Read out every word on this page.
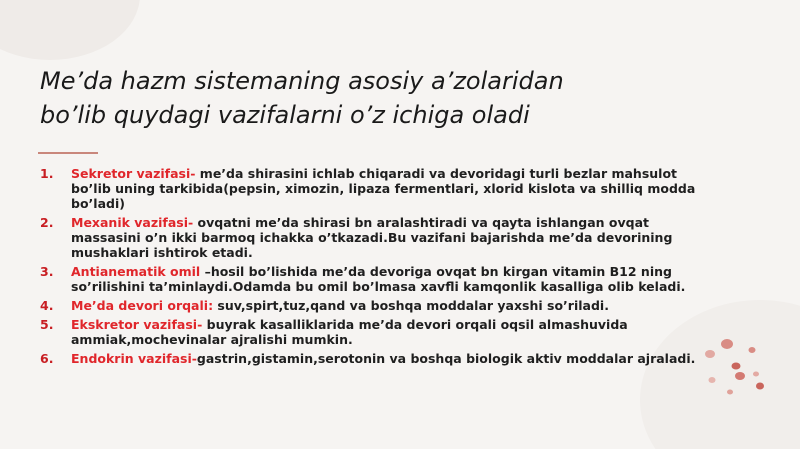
Me’da hazm sistemaning asosiy a’zolaridan
bo’lib quydagi vazifalarni o’z ichiga oladi
1. Sekretor vazifasi- me’da shirasini ichlab chiqaradi va devoridagi turli bezlar mahsulot bo’lib uning tarkibida(pepsin, ximozin, lipaza fermentlari, xlorid kislota va shilliq modda bo’ladi)
2. Mexanik vazifasi- ovqatni me’da shirasi bn aralashtiradi va qayta ishlangan ovqat massasini o’n ikki barmoq ichakka o’tkazadi.Bu vazifani bajarishda me’da devorining mushaklari ishtirok etadi.
3. Antianematik omil –hosil bo’lishida me’da devoriga ovqat bn kirgan vitamin B12 ning so’rilishini ta’minlaydi.Odamda bu omil bo’lmasa xavfli kamqonlik kasalliga olib keladi.
4. Me’da devori orqali: suv,spirt,tuz,qand va boshqa moddalar yaxshi so’riladi.
5. Ekskretor vazifasi- buyrak kasalliklarida me’da devori orqali oqsil almashuvida ammiak,mochevinalar ajralishi mumkin.
6. Endokrin vazifasi-gastrin,gistamin,serotonin va boshqa biologik aktiv moddalar ajraladi.
